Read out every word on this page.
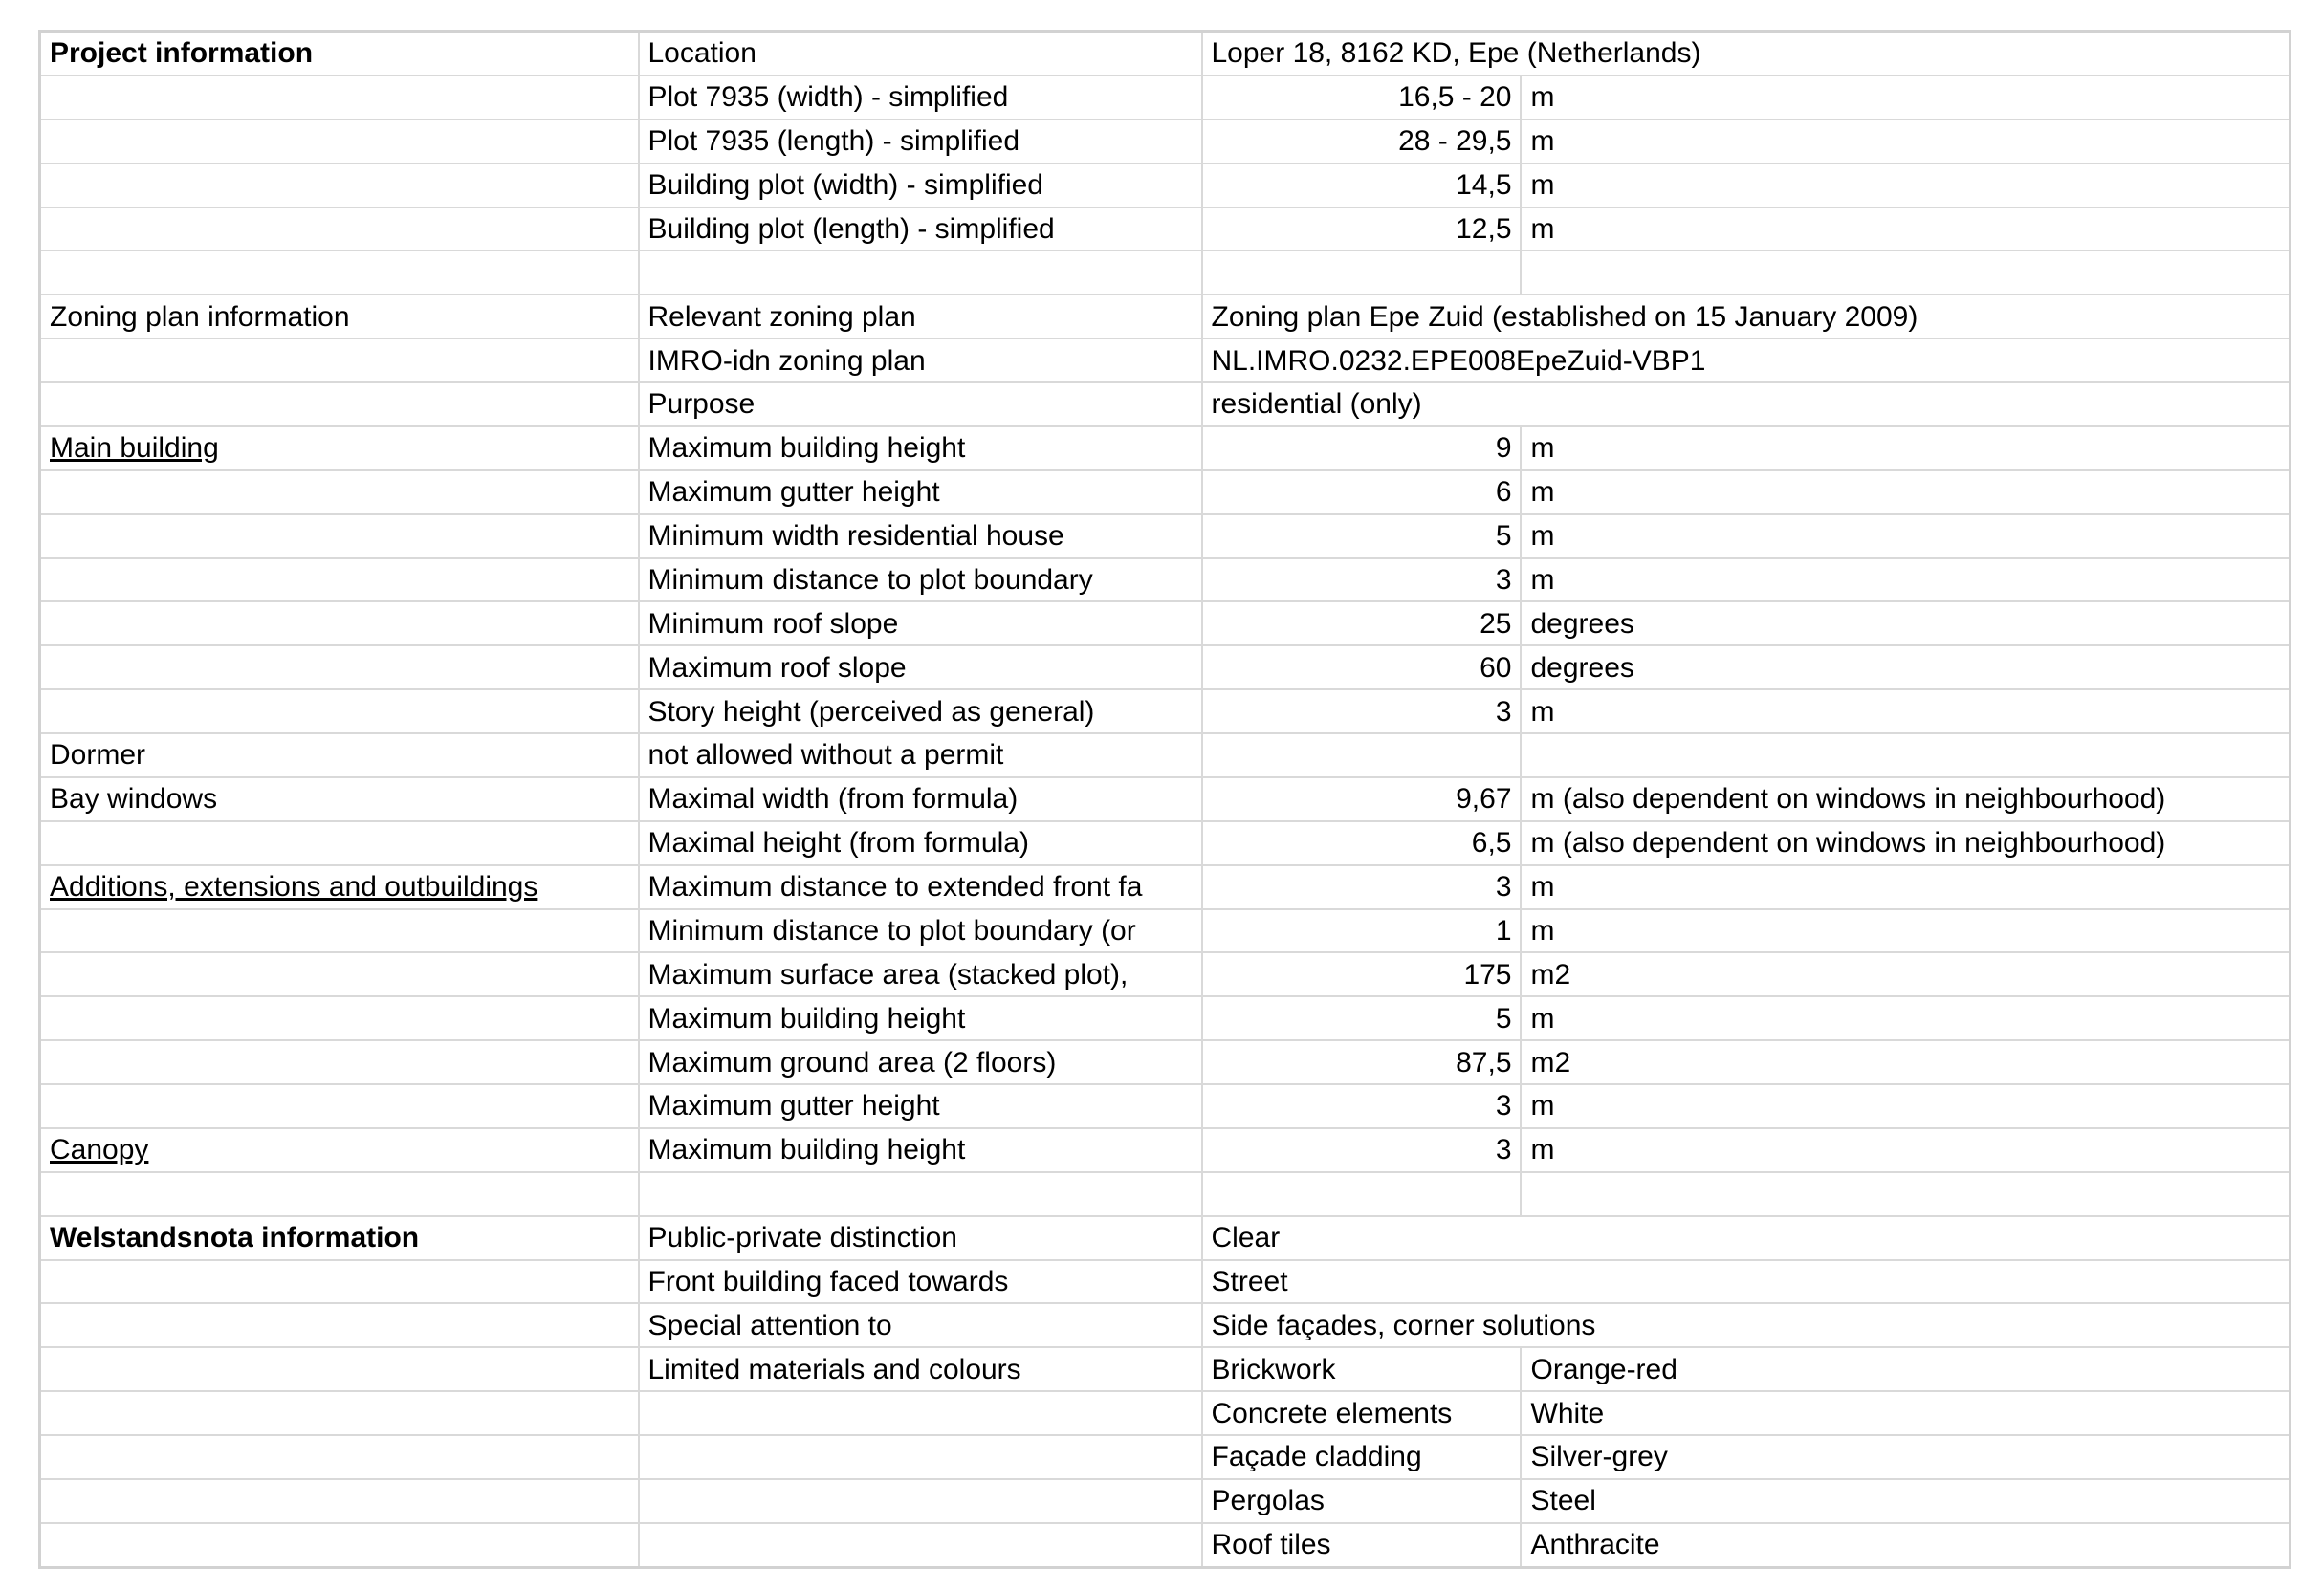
Project information	Location	Loper 18, 8162 KD, Epe (Netherlands)	
	Plot 7935 (width) - simplified	16,5 - 20	m
	Plot 7935 (length) - simplified	28 - 29,5	m
	Building plot (width) - simplified	14,5	m
	Building plot (length) - simplified	12,5	m

Zoning plan information	Relevant zoning plan	Zoning plan Epe Zuid (established on 15 January 2009)	
	IMRO-idn zoning plan	NL.IMRO.0232.EPE008EpeZuid-VBP1	
	Purpose	residential (only)	
Main building	Maximum building height	9	m
	Maximum gutter height	6	m
	Minimum width residential house	5	m
	Minimum distance to plot boundary	3	m
	Minimum roof slope	25	degrees
	Maximum roof slope	60	degrees
	Story height (perceived as general)	3	m
Dormer	not allowed without a permit		
Bay windows	Maximal width (from formula)	9,67	m (also dependent on windows in neighbourhood)
	Maximal height (from formula)	6,5	m (also dependent on windows in neighbourhood)
Additions, extensions and outbuildings	Maximum distance to extended front fa	3	m
	Minimum distance to plot boundary (or	1	m
	Maximum surface area (stacked plot),	175	m2
	Maximum building height	5	m
	Maximum ground area (2 floors)	87,5	m2
	Maximum gutter height	3	m
Canopy	Maximum building height	3	m

Welstandsnota information	Public-private distinction	Clear	
	Front building faced towards	Street	
	Special attention to	Side façades, corner solutions	
	Limited materials and colours	Brickwork	Orange-red
		Concrete elements	White
		Façade cladding	Silver-grey
		Pergolas	Steel
		Roof tiles	Anthracite
